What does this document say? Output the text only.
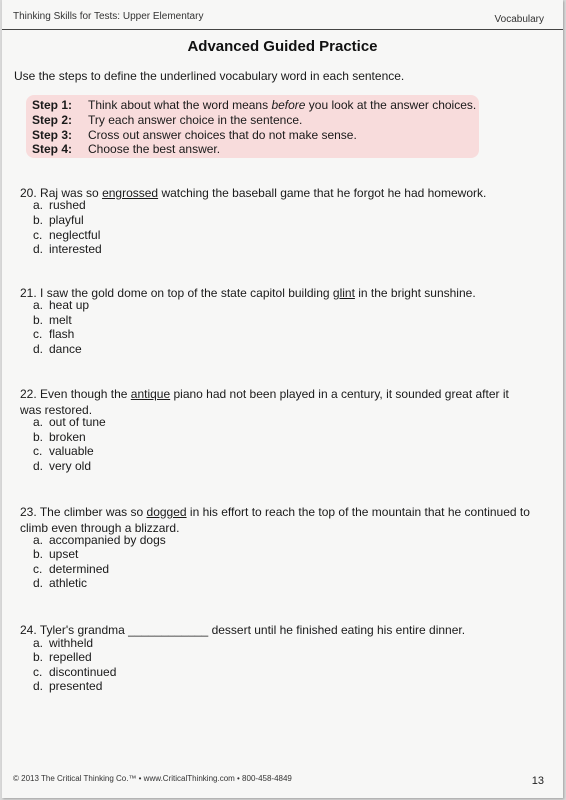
Thinking Skills for Tests: Upper Elementary	Vocabulary
Advanced Guided Practice
Use the steps to define the underlined vocabulary word in each sentence.
Step 1: Think about what the word means before you look at the answer choices.
Step 2: Try each answer choice in the sentence.
Step 3: Cross out answer choices that do not make sense.
Step 4: Choose the best answer.
20. Raj was so engrossed watching the baseball game that he forgot he had homework.
a. rushed
b. playful
c. neglectful
d. interested
21. I saw the gold dome on top of the state capitol building glint in the bright sunshine.
a. heat up
b. melt
c. flash
d. dance
22. Even though the antique piano had not been played in a century, it sounded great after it was restored.
a. out of tune
b. broken
c. valuable
d. very old
23. The climber was so dogged in his effort to reach the top of the mountain that he continued to climb even through a blizzard.
a. accompanied by dogs
b. upset
c. determined
d. athletic
24. Tyler's grandma ____________ dessert until he finished eating his entire dinner.
a. withheld
b. repelled
c. discontinued
d. presented
© 2013 The Critical Thinking Co.™ • www.CriticalThinking.com • 800-458-4849	13
